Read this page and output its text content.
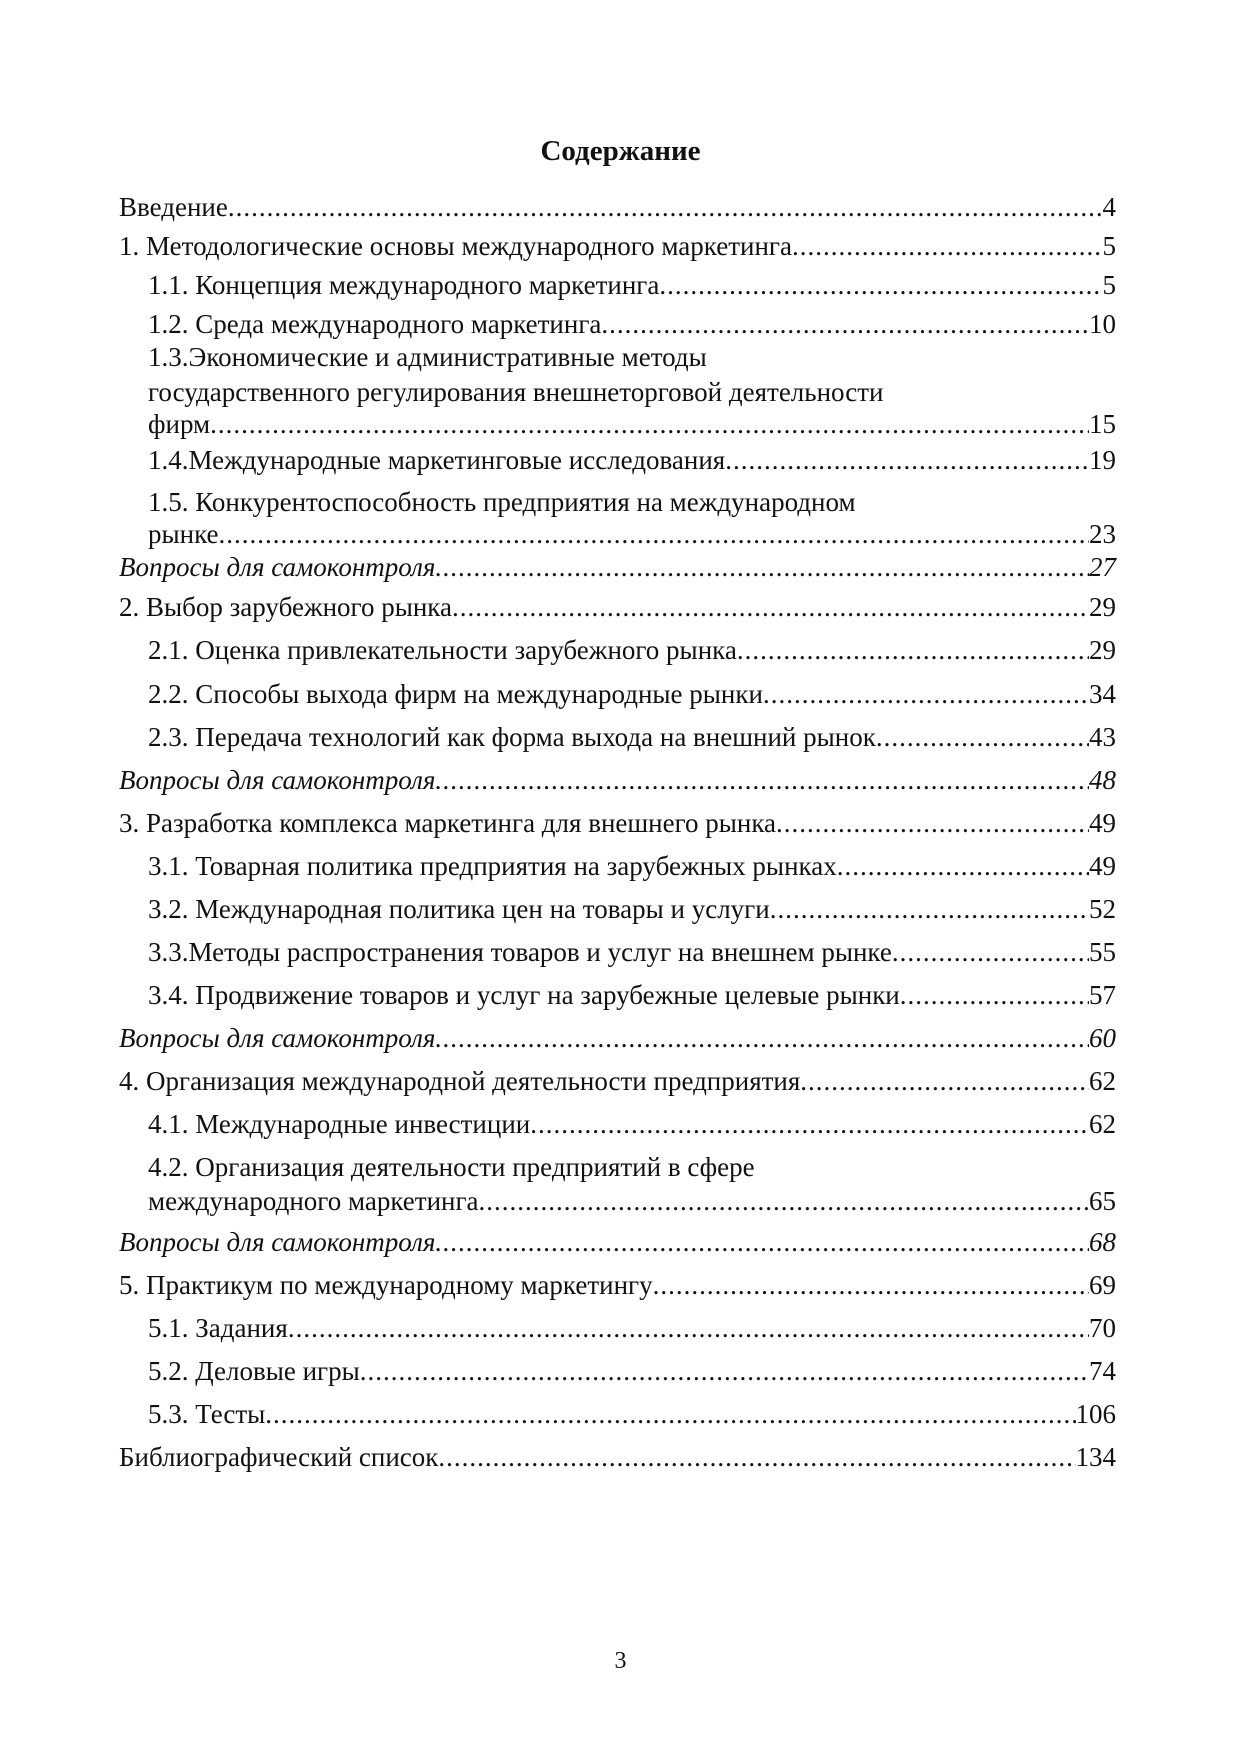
Содержание
Введение .....	4
1. Методологические основы международного маркетинга .....	5
1.1. Концепция международного маркетинга .....	5
1.2. Среда международного маркетинга .....	10
1.3.Экономические и административные методы
государственного регулирования внешнеторговой деятельности
фирм .....	15
1.4.Международные маркетинговые исследования .....	19
1.5. Конкурентоспособность предприятия на международном
рынке .....	23
Вопросы для самоконтроля .....	27
2. Выбор зарубежного рынка .....	29
2.1. Оценка привлекательности зарубежного рынка .....	29
2.2. Способы выхода фирм на международные рынки .....	34
2.3. Передача технологий как форма выхода на внешний рынок .....	43
Вопросы для самоконтроля .....	48
3. Разработка комплекса маркетинга для внешнего рынка .....	49
3.1. Товарная политика предприятия на зарубежных рынках .....	49
3.2. Международная политика цен на товары и услуги .....	52
3.3.Методы распространения товаров и услуг на внешнем рынке .....	55
3.4. Продвижение товаров и услуг на зарубежные целевые рынки .....	57
Вопросы для самоконтроля .....	60
4. Организация международной деятельности предприятия .....	62
4.1. Международные инвестиции .....	62
4.2. Организация деятельности предприятий в сфере
международного маркетинга .....	65
Вопросы для самоконтроля .....	68
5. Практикум по международному маркетингу .....	69
5.1. Задания .....	70
5.2. Деловые игры .....	74
5.3. Тесты .....	106
Библиографический список .....	134
3
